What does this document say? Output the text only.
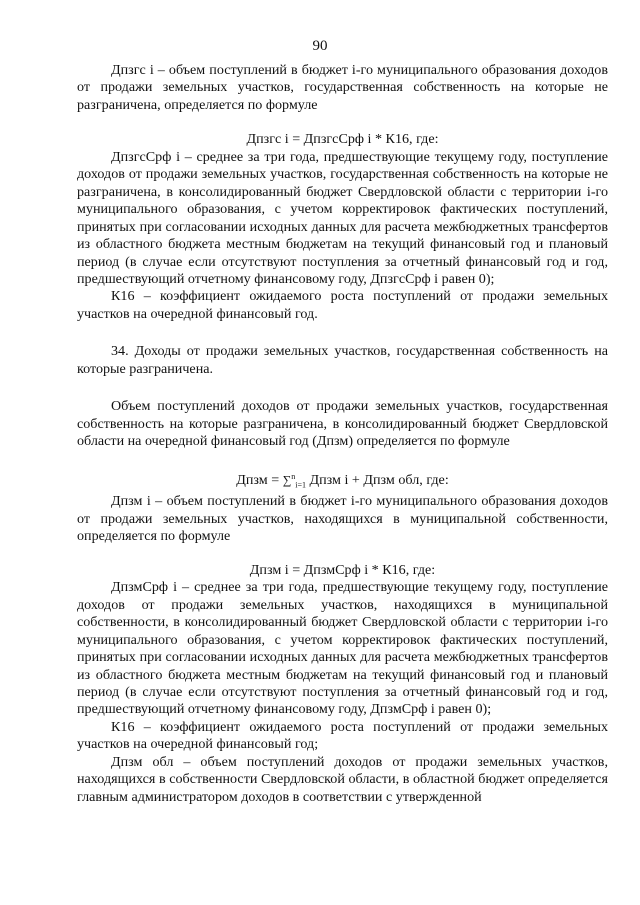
90

Дпзгс i – объем поступлений в бюджет i-го муниципального образования доходов от продажи земельных участков, государственная собственность на которые не разграничена, определяется по формуле

Дпзгс i = ДпзгсСрф i * К16, где:

ДпзгсСрф i – среднее за три года, предшествующие текущему году, поступление доходов от продажи земельных участков, государственная собственность на которые не разграничена, в консолидированный бюджет Свердловской области с территории i-го муниципального образования, с учетом корректировок фактических поступлений, принятых при согласовании исходных данных для расчета межбюджетных трансфертов из областного бюджета местным бюджетам на текущий финансовый год и плановый период (в случае если отсутствуют поступления за отчетный финансовый год и год, предшествующий отчетному финансовому году, ДпзгсСрф i равен 0);

К16 – коэффициент ожидаемого роста поступлений от продажи земельных участков на очередной финансовый год.

34. Доходы от продажи земельных участков, государственная собственность на которые разграничена.

Объем поступлений доходов от продажи земельных участков, государственная собственность на которые разграничена, в консолидированный бюджет Свердловской области на очередной финансовый год (Дпзм) определяется по формуле

Дпзм = ∑$^n_{i=1}$ Дпзм i + Дпзм обл, где:

Дпзм i – объем поступлений в бюджет i-го муниципального образования доходов от продажи земельных участков, находящихся в муниципальной собственности, определяется по формуле

Дпзм i = ДпзмСрф i * К16, где:

ДпзмСрф i – среднее за три года, предшествующие текущему году, поступление доходов от продажи земельных участков, находящихся в муниципальной собственности, в консолидированный бюджет Свердловской области с территории i-го муниципального образования, с учетом корректировок фактических поступлений, принятых при согласовании исходных данных для расчета межбюджетных трансфертов из областного бюджета местным бюджетам на текущий финансовый год и плановый период (в случае если отсутствуют поступления за отчетный финансовый год и год, предшествующий отчетному финансовому году, ДпзмСрф i равен 0);

К16 – коэффициент ожидаемого роста поступлений от продажи земельных участков на очередной финансовый год;

Дпзм обл – объем поступлений доходов от продажи земельных участков, находящихся в собственности Свердловской области, в областной бюджет определяется главным администратором доходов в соответствии с утвержденной
